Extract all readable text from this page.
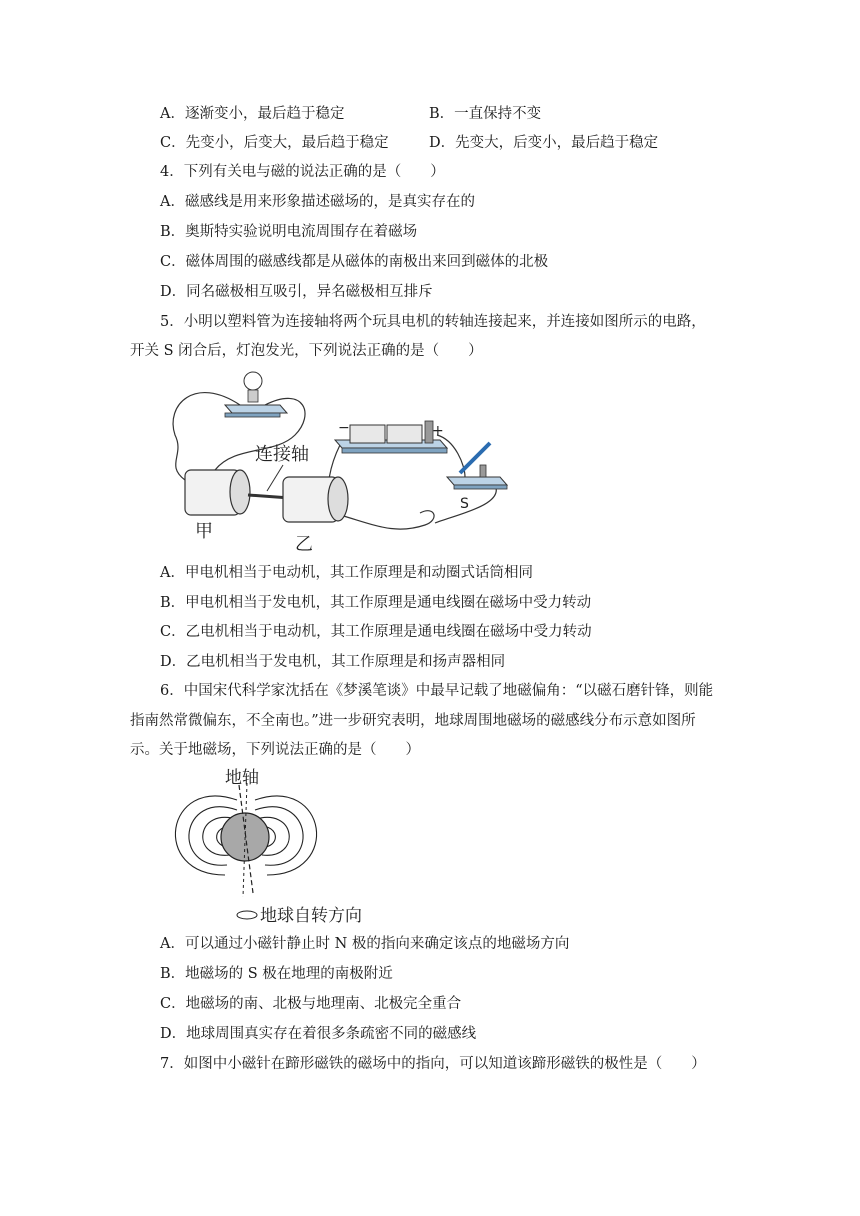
A．逐渐变小，最后趋于稳定	B．一直保持不变
C．先变小，后变大，最后趋于稳定	D．先变大，后变小，最后趋于稳定
4．下列有关电与磁的说法正确的是（　　）
A．磁感线是用来形象描述磁场的，是真实存在的
B．奥斯特实验说明电流周围存在着磁场
C．磁体周围的磁感线都是从磁体的南极出来回到磁体的北极
D．同名磁极相互吸引，异名磁极相互排斥
5．小明以塑料管为连接轴将两个玩具电机的转轴连接起来，并连接如图所示的电路，
开关 S 闭合后，灯泡发光，下列说法正确的是（　　）
−	+
S
连接轴
甲
乙
A．甲电机相当于电动机，其工作原理是和动圈式话筒相同
B．甲电机相当于发电机，其工作原理是通电线圈在磁场中受力转动
C．乙电机相当于电动机，其工作原理是通电线圈在磁场中受力转动
D．乙电机相当于发电机，其工作原理是和扬声器相同
6．中国宋代科学家沈括在《梦溪笔谈》中最早记载了地磁偏角：“以磁石磨针锋，则能
指南然常微偏东，不全南也。”进一步研究表明，地球周围地磁场的磁感线分布示意如图所
示。关于地磁场，下列说法正确的是（　　）
地轴
地球自转方向
A．可以通过小磁针静止时 N 极的指向来确定该点的地磁场方向
B．地磁场的 S 极在地理的南极附近
C．地磁场的南、北极与地理南、北极完全重合
D．地球周围真实存在着很多条疏密不同的磁感线
7．如图中小磁针在蹄形磁铁的磁场中的指向，可以知道该蹄形磁铁的极性是（　　）
